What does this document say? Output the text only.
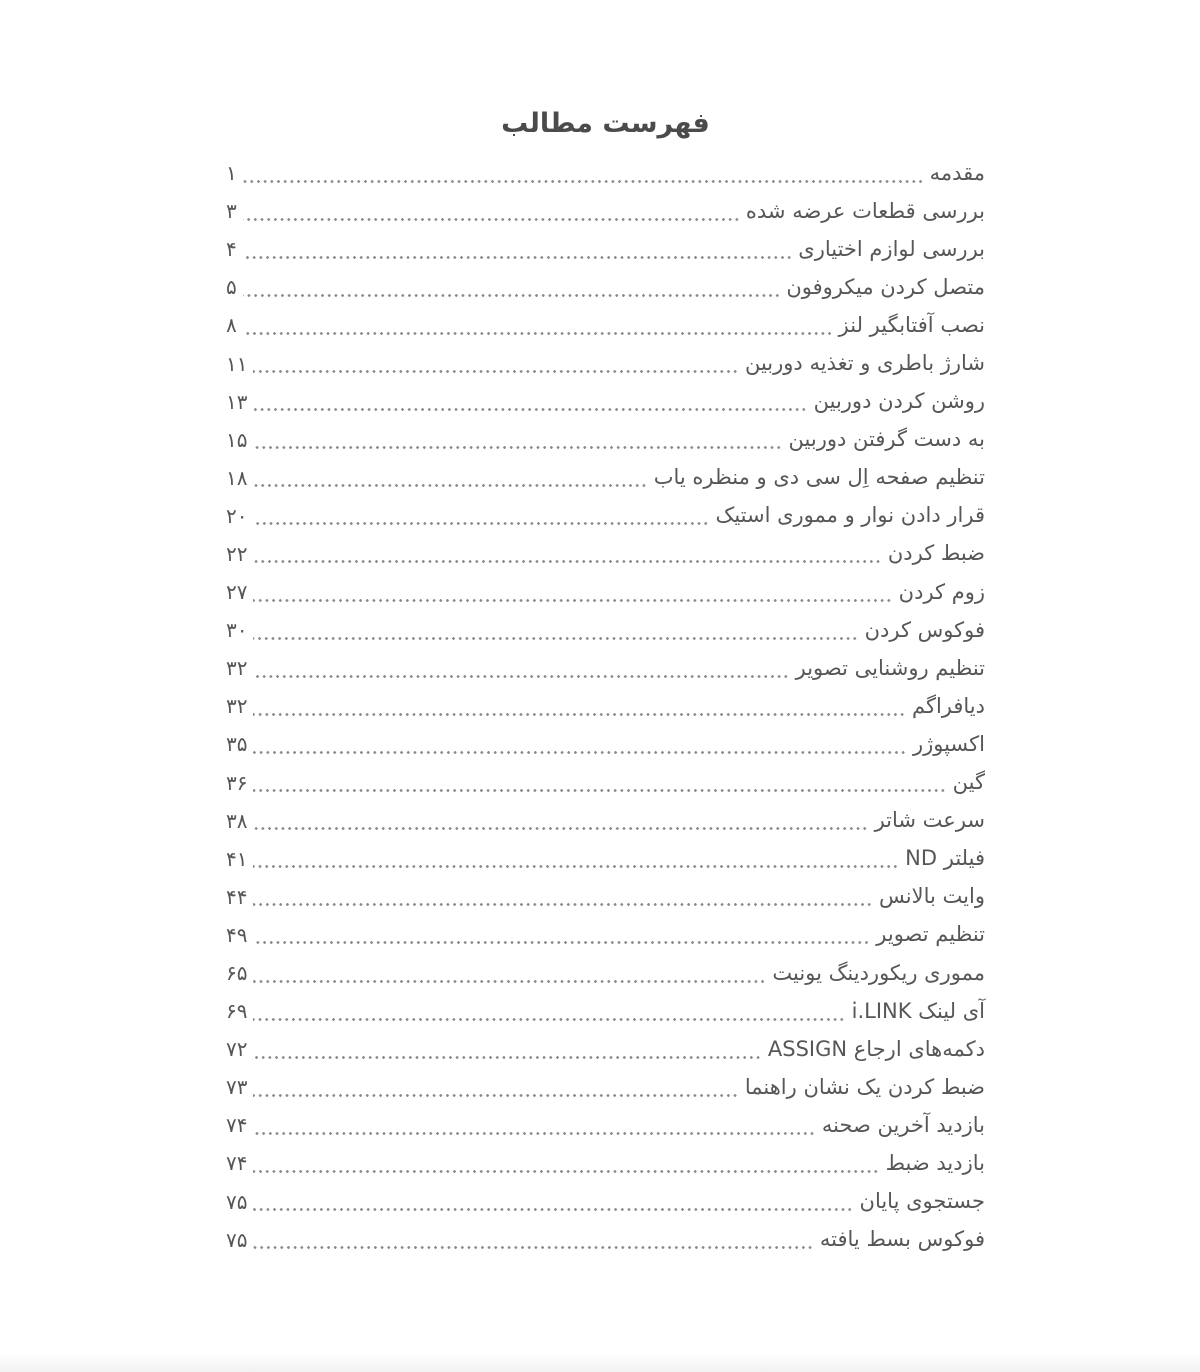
فهرست مطالب
مقدمه
۱
بررسی قطعات عرضه شده
۳
بررسی لوازم اختیاری
۴
متصل کردن میکروفون
۵
نصب آفتابگیر لنز
۸
شارژ باطری و تغذیه دوربین
۱۱
روشن کردن دوربین
۱۳
به دست گرفتن دوربین
۱۵
تنظیم صفحه اِل سی دی و منظره یاب
۱۸
قرار دادن نوار و مموری استیک
۲۰
ضبط کردن
۲۲
زوم کردن
۲۷
فوکوس کردن
۳۰
تنظیم روشنایی تصویر
۳۲
دیافراگم
۳۲
اکسپوژر
۳۵
گین
۳۶
سرعت شاتر
۳۸
فیلتر ND
۴۱
وایت بالانس
۴۴
تنظیم تصویر
۴۹
مموری ریکوردینگ یونیت
۶۵
آی لینک i.LINK
۶۹
دکمه‌های ارجاع ASSIGN
۷۲
ضبط کردن یک نشان راهنما
۷۳
بازدید آخرین صحنه
۷۴
بازدید ضبط
۷۴
جستجوی پایان
۷۵
فوکوس بسط یافته
۷۵
